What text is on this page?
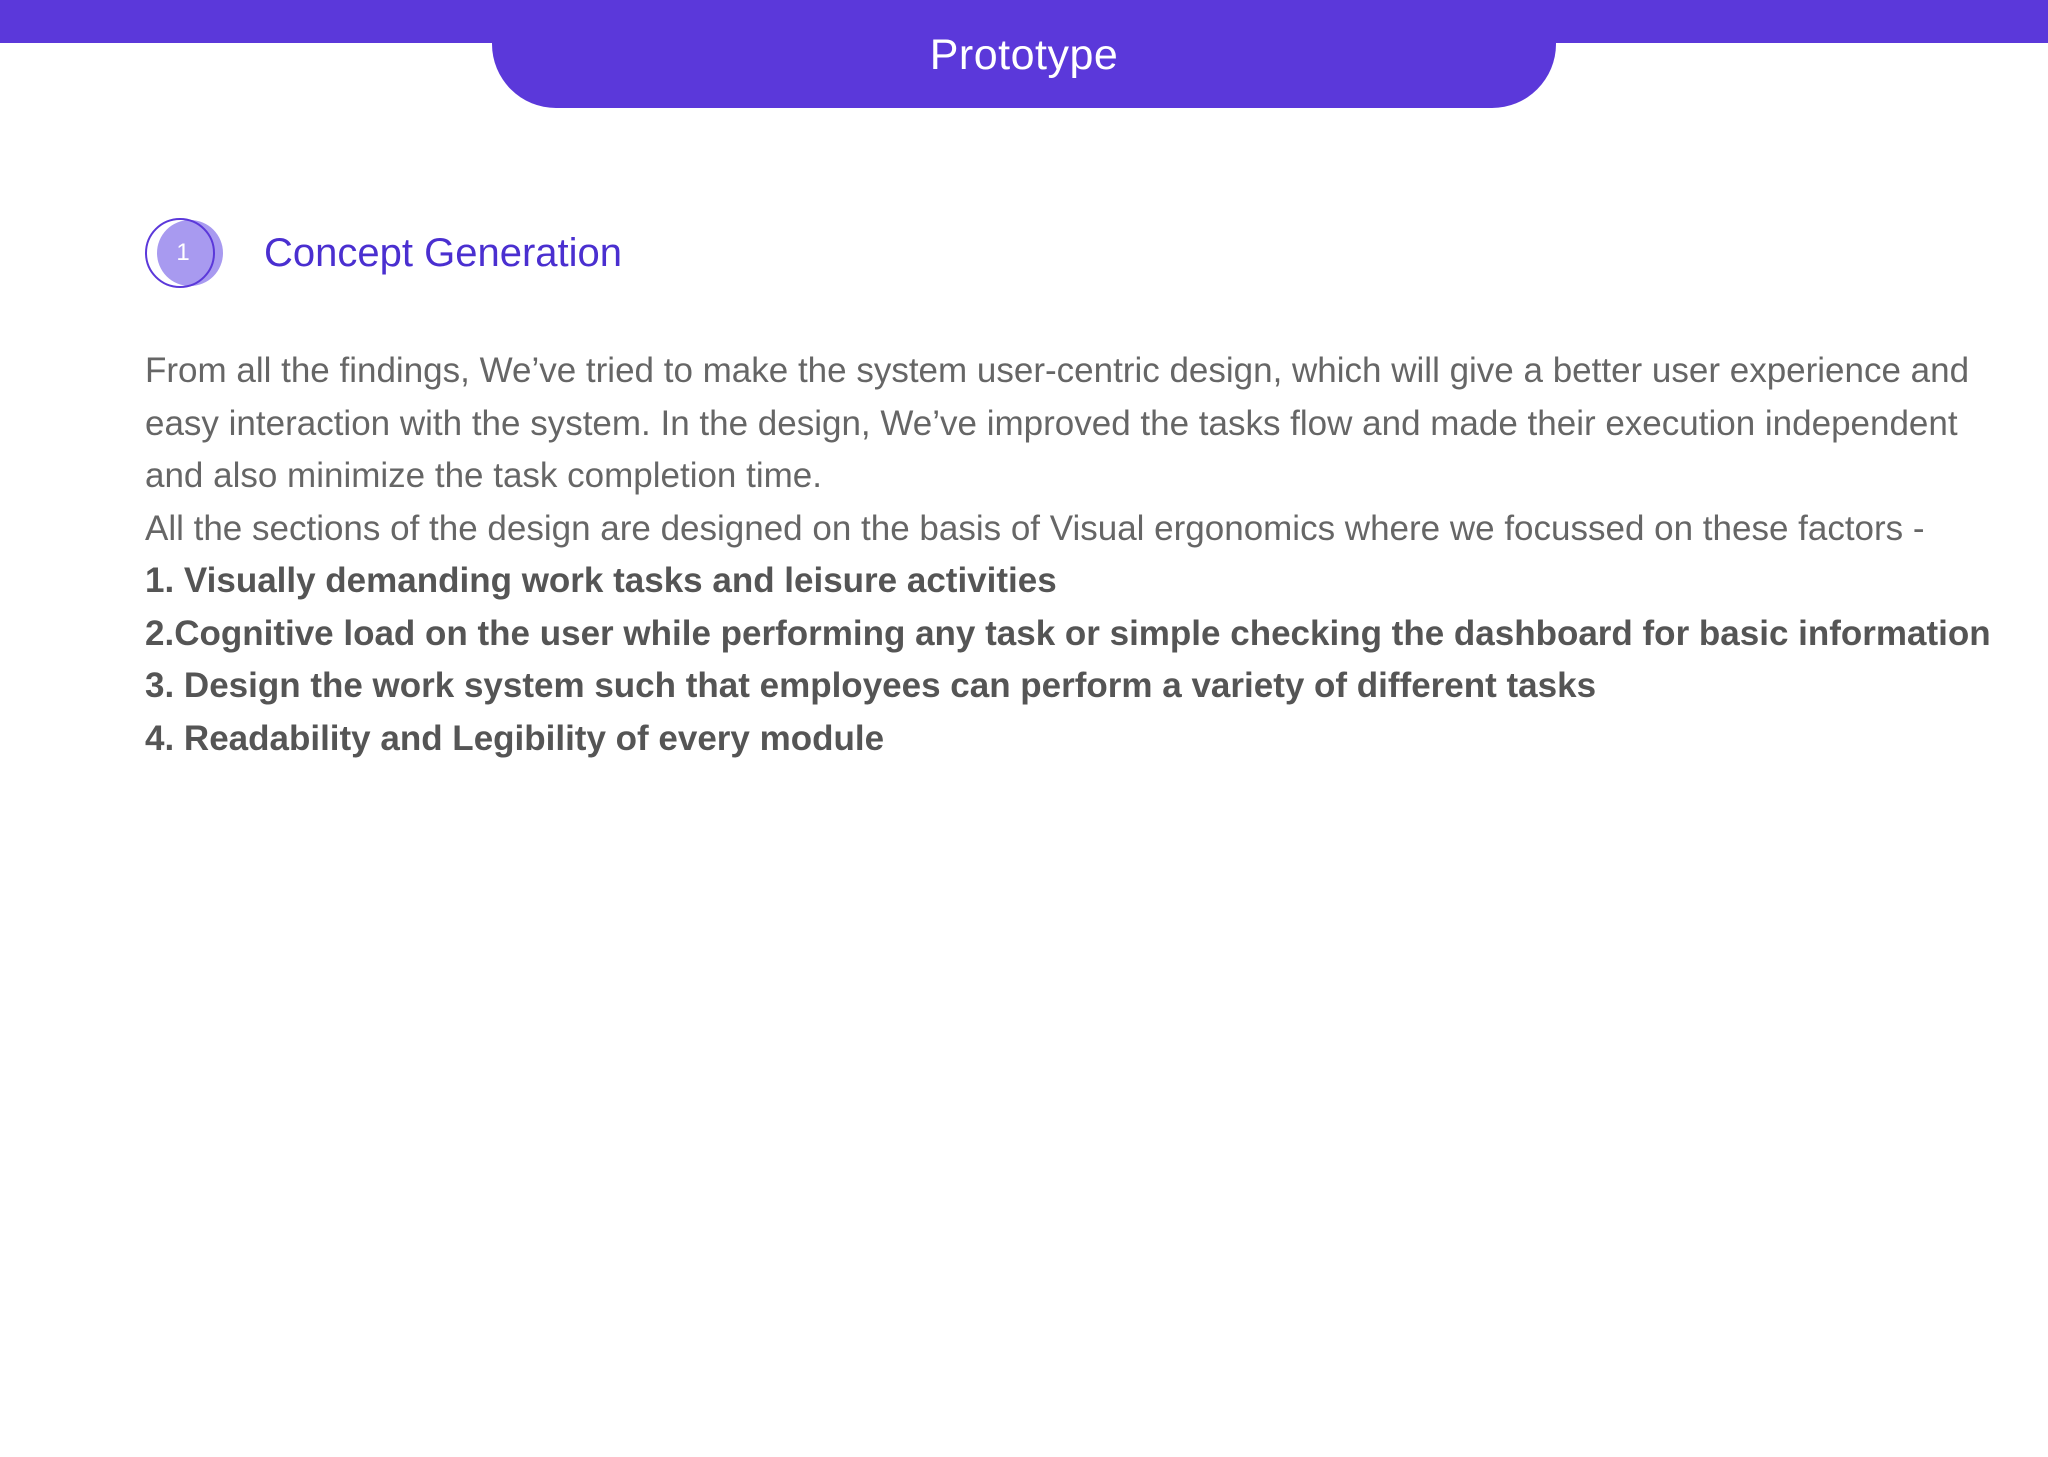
Prototype
1	Concept Generation

From all the findings, We’ve tried to make the system user-centric design, which will give a better user experience and easy interaction with the system. In the design, We’ve improved the tasks flow and made their execution independent and also minimize the task completion time.

All the sections of the design are designed on the basis of Visual ergonomics where we focussed on these factors -

1. Visually demanding work tasks and leisure activities
2.Cognitive load on the user while performing any task or simple checking the dashboard for basic information
3. Design the work system such that employees can perform a variety of different tasks
4. Readability and Legibility of every module
